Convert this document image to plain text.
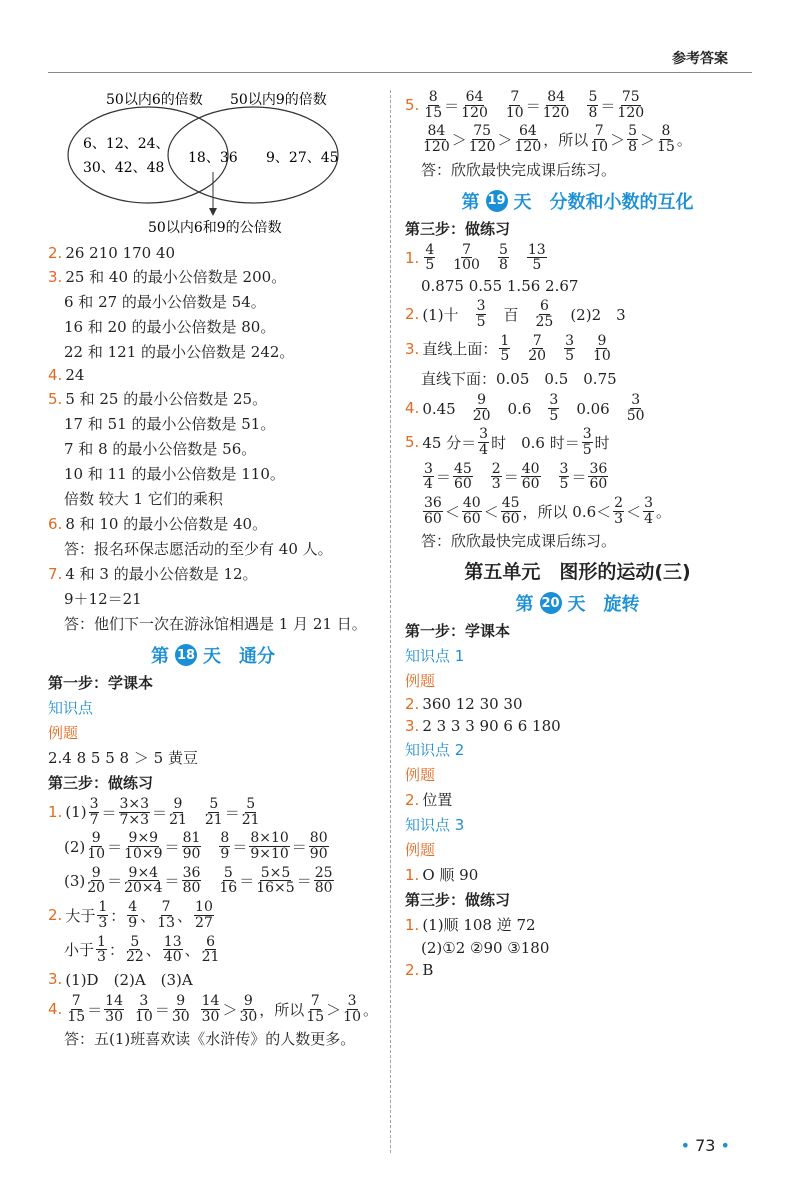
参考答案
50以内6的倍数 50以内9的倍数
6、12、24、
30、42、48
18、36 9、27、45
50以内6和9的公倍数
2. 26 210 170 40
3. 25 和 40 的最小公倍数是 200。
6 和 27 的最小公倍数是 54。
16 和 20 的最小公倍数是 80。
22 和 121 的最小公倍数是 242。
4. 24
5. 5 和 25 的最小公倍数是 25。
17 和 51 的最小公倍数是 51。
7 和 8 的最小公倍数是 56。
10 和 11 的最小公倍数是 110。
倍数 较大 1 它们的乘积
6. 8 和 10 的最小公倍数是 40。
答：报名环保志愿活动的至少有 40 人。
7. 4 和 3 的最小公倍数是 12。
9＋12＝21
答：他们下一次在游泳馆相遇是 1 月 21 日。
第 18 天 通分
第一步：学课本
知识点
例题
2.4 8 5 5 8 ＞ 5 黄豆
第三步：做练习
1. $(1) \frac{3}{7} = \frac{3\times 3}{7\times 3} = \frac{9}{21} \frac{5}{21} = \frac{5}{21}$
$(2) \frac{9}{10} = \frac{9\times 9}{10\times 9} = \frac{81}{90} \frac{8}{9} = \frac{8\times 10}{9\times 10} = \frac{80}{90}$
$(3) \frac{9}{20} = \frac{9\times 4}{20\times 4} = \frac{36}{80} \frac{5}{16} = \frac{5\times 5}{16\times 5} = \frac{25}{80}$
2. 大于 $\frac{1}{3}$ ： $\frac{4}{9}$ 、 $\frac{7}{13}$ 、 $\frac{10}{27}$
小于 $\frac{1}{3}$ ： $\frac{5}{22}$ 、 $\frac{13}{40}$ 、 $\frac{6}{21}$
3. (1)D　(2)A　(3)A
4. $\frac{7}{15} = \frac{14}{30} \frac{3}{10} = \frac{9}{30} \frac{14}{30} > \frac{9}{30}$ ，所以 $\frac{7}{15} > \frac{3}{10}$ 。
答：五(1)班喜欢读《水浒传》的人数更多。
5. $\frac{8}{15} = \frac{64}{120} \frac{7}{10} = \frac{84}{120} \frac{5}{8} = \frac{75}{120}$
$\frac{84}{120} > \frac{75}{120} > \frac{64}{120}$ ，所以 $\frac{7}{10} > \frac{5}{8} > \frac{8}{15}$ 。
答：欣欣最快完成课后练习。
第 19 天 分数和小数的互化
第三步：做练习
1. $\frac{4}{5} \frac{7}{100} \frac{5}{8} \frac{13}{5}$
0.875 0.55 1.56 2.67
2. (1)十　 $\frac{3}{5}$ 　百　 $\frac{6}{25}$ 　(2)2　3
3. 直线上面： $\frac{1}{5} \frac{7}{20} \frac{3}{5} \frac{9}{10}$
直线下面：0.05　0.5　0.75
4. 0.45　 $\frac{9}{20}$ 　0.6　 $\frac{3}{5}$ 　0.06　 $\frac{3}{50}$
5. 45 分＝ $\frac{3}{4}$ 时　0.6 时＝ $\frac{3}{5}$ 时
$\frac{3}{4} = \frac{45}{60} \frac{2}{3} = \frac{40}{60} \frac{3}{5} = \frac{36}{60}$
$\frac{36}{60} < \frac{40}{60} < \frac{45}{60}$ ，所以 $0.6< \frac{2}{3} < \frac{3}{4}$ 。
答：欣欣最快完成课后练习。
第五单元　图形的运动(三)
第 20 天 旋转
第一步：学课本
知识点 1
例题
2. 360 12 30 30
3. 2 3 3 3 90 6 6 180
知识点 2
例题
2. 位置
知识点 3
例题
1. O 顺 90
第三步：做练习
1. (1)顺 108 逆 72
(2)①2 ②90 ③180
2. B
• 73 •
